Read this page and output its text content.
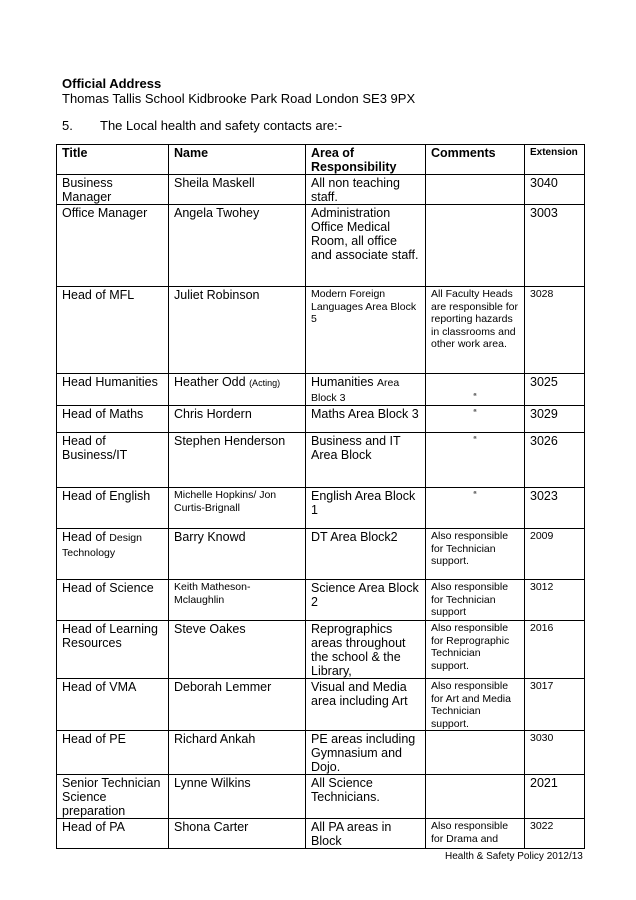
Official Address
Thomas Tallis School Kidbrooke Park Road London SE3 9PX
5. The Local health and safety contacts are:-
Title	Name	Area of Responsibility	Comments	Extension
Business Manager	Sheila Maskell	All non teaching staff.		3040
Office Manager	Angela Twohey	Administration Office Medical Room, all office and associate staff.		3003
Head of MFL	Juliet Robinson	Modern Foreign Languages Area Block 5	All Faculty Heads are responsible for reporting hazards in classrooms and other work area.	3028
Head Humanities	Heather Odd (Acting)	Humanities Area Block 3	“	3025
Head of Maths	Chris Hordern	Maths Area Block 3	“	3029
Head of Business/IT	Stephen Henderson	Business and IT Area Block	“	3026
Head of English	Michelle Hopkins/ Jon Curtis-Brignall	English Area Block 1	“	3023
Head of Design Technology	Barry Knowd	DT Area Block2	Also responsible for Technician support.	2009
Head of Science	Keith Matheson-Mclaughlin	Science Area Block 2	Also responsible for Technician support	3012
Head of Learning Resources	Steve Oakes	Reprographics areas throughout the school & the Library,	Also responsible for Reprographic Technician support.	2016
Head of VMA	Deborah Lemmer	Visual and Media area including Art	Also responsible for Art and Media Technician support.	3017
Head of PE	Richard Ankah	PE areas including Gymnasium and Dojo.		3030
Senior Technician Science preparation	Lynne Wilkins	All Science Technicians.		2021
Head of PA	Shona Carter	All PA areas in Block	Also responsible for Drama and	3022
Health & Safety Policy 2012/13
